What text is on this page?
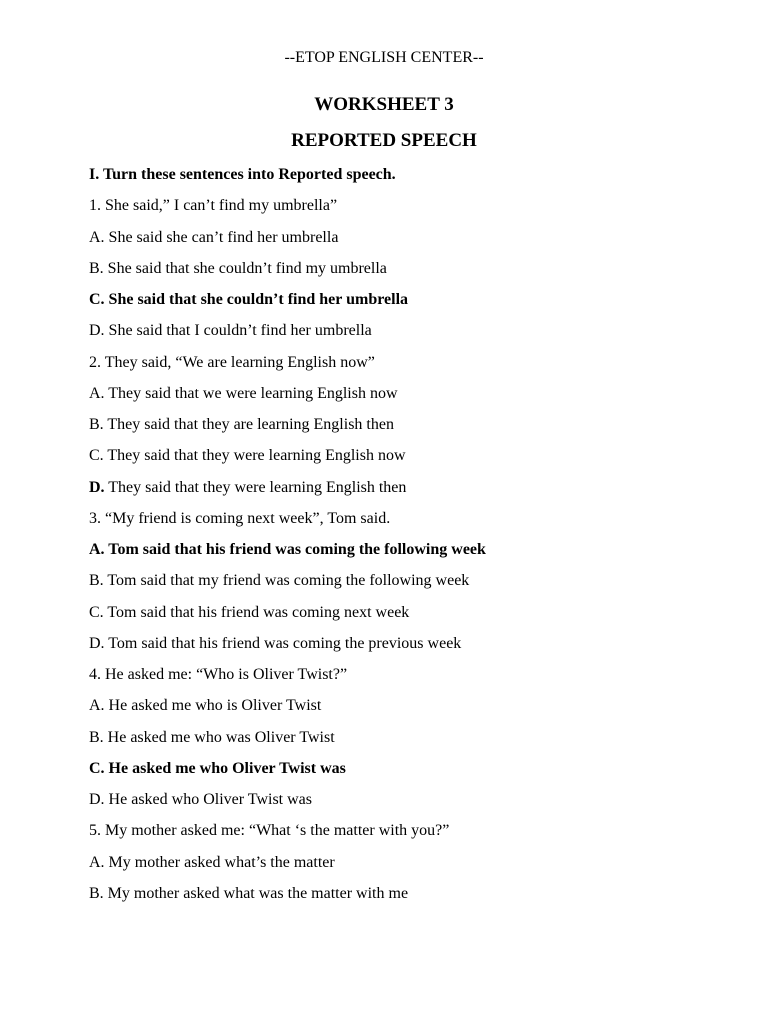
--ETOP ENGLISH CENTER--
WORKSHEET 3
REPORTED SPEECH
I. Turn these sentences into Reported speech.
1. She said,” I can’t find my umbrella”
A. She said she can’t find her umbrella
B. She said that she couldn’t find my umbrella
C. She said that she couldn’t find her umbrella
D. She said that I couldn’t find her umbrella
2. They said, “We are learning English now”
A. They said that we were learning English now
B. They said that they are learning English then
C. They said that they were learning English now
D. They said that they were learning English then
3. “My friend is coming next week”, Tom said.
A. Tom said that his friend was coming the following week
B. Tom said that my friend was coming the following week
C. Tom said that his friend was coming next week
D. Tom said that his friend was coming the previous week
4. He asked me: “Who is Oliver Twist?”
A. He asked me who is Oliver Twist
B. He asked me who was Oliver Twist
C. He asked me who Oliver Twist was
D. He asked who Oliver Twist was
5. My mother asked me: “What ‘s the matter with you?”
A. My mother asked what’s the matter
B. My mother asked what was the matter with me
